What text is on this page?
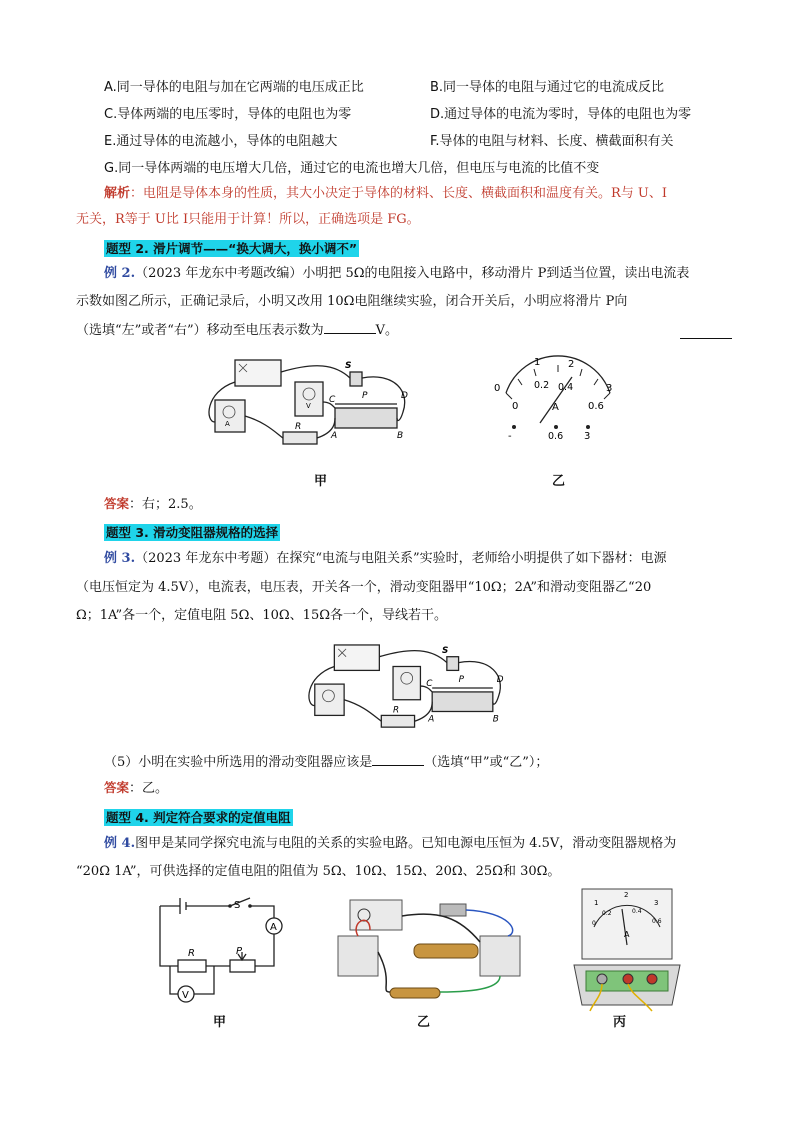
A.同一导体的电阻与加在它两端的电压成正比	B.同一导体的电阻与通过它的电流成反比
C.导体两端的电压零时，导体的电阻也为零	D.通过导体的电流为零时，导体的电阻也为零
E.通过导体的电流越小，导体的电阻越大	F.导体的电阻与材料、长度、横截面积有关
G.同一导体两端的电压增大几倍，通过它的电流也增大几倍，但电压与电流的比值不变
解析：电阻是导体本身的性质，其大小决定于导体的材料、长度、横截面积和温度有关。R与 U、I
无关，R等于 U比 I只能用于计算！所以，正确选项是 FG。
题型 2. 滑片调节——“换大调大，换小调不”
例 2.（2023 年龙东中考题改编）小明把 5Ω的电阻接入电路中，移动滑片 P到适当位置，读出电流表
示数如图乙所示，正确记录后，小明又改用 10Ω电阻继续实验，闭合开关后，小明应将滑片 P向
（选填“左”或者“右”）移动至电压表示数为	V。
S
A
V
C	P	D
R
A	B
1	2
0.2 0.4
0	3
0	0.6
A
-	0.6 3
甲	乙
答案：右；2.5。
题型 3. 滑动变阻器规格的选择
例 3.（2023 年龙东中考题）在探究“电流与电阻关系”实验时，老师给小明提供了如下器材：电源
（电压恒定为 4.5V），电流表，电压表，开关各一个，滑动变阻器甲“10Ω；2A”和滑动变阻器乙“20
Ω；1A”各一个，定值电阻 5Ω、10Ω、15Ω各一个，导线若干。
S
C	P	D
R
A	B
（5）小明在实验中所选用的滑动变阻器应该是	（选填“甲”或“乙”）；
答案：乙。
题型 4. 判定符合要求的定值电阻
例 4.图甲是某同学探究电流与电阻的关系的实验电路。已知电源电压恒为 4.5V，滑动变阻器规格为
“20Ω 1A”，可供选择的定值电阻的阻值为 5Ω、10Ω、15Ω、20Ω、25Ω和 30Ω。
S
A
R	P
V
1
2
3
0
0.2	0.4
0.6
A
甲	乙	丙
